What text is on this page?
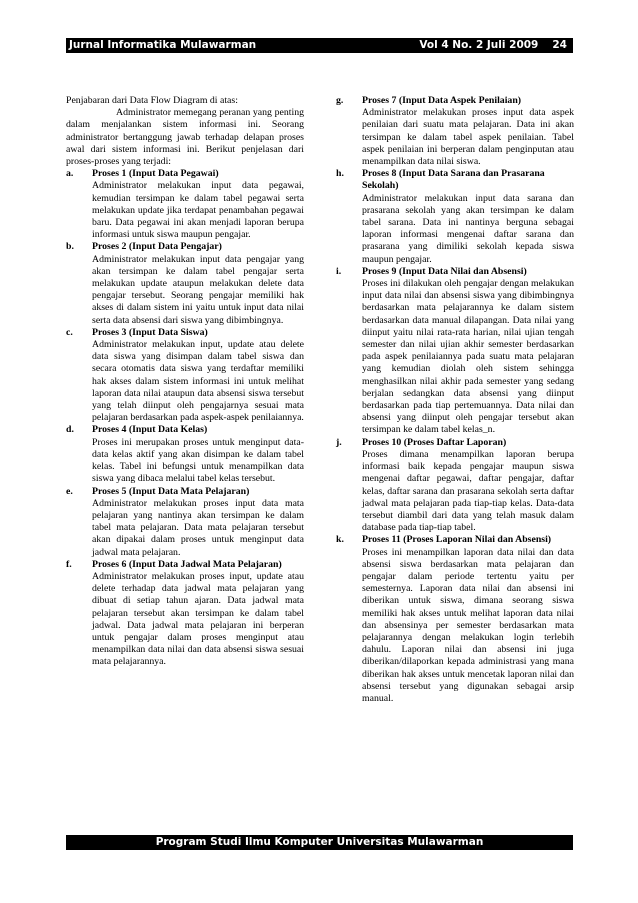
Jurnal Informatika Mulawarman	Vol 4 No. 2 Juli 2009 24

Penjabaran dari Data Flow Diagram di atas:

Administrator memegang peranan yang penting dalam menjalankan sistem informasi ini. Seorang administrator bertanggung jawab terhadap delapan proses awal dari sistem informasi ini. Berikut penjelasan dari proses-proses yang terjadi:

a.	Proses 1 (Input Data Pegawai)
Administrator melakukan input data pegawai, kemudian tersimpan ke dalam tabel pegawai serta melakukan update jika terdapat penambahan pegawai baru. Data pegawai ini akan menjadi laporan berupa informasi untuk siswa maupun pengajar.
b.	Proses 2 (Input Data Pengajar)
Administrator melakukan input data pengajar yang akan tersimpan ke dalam tabel pengajar serta melakukan update ataupun melakukan delete data pengajar tersebut. Seorang pengajar memiliki hak akses di dalam sistem ini yaitu untuk input data nilai serta data absensi dari siswa yang dibimbingnya.
c.	Proses 3 (Input Data Siswa)
Administrator melakukan input, update atau delete data siswa yang disimpan dalam tabel siswa dan secara otomatis data siswa yang terdaftar memiliki hak akses dalam sistem informasi ini untuk melihat laporan data nilai ataupun data absensi siswa tersebut yang telah diinput oleh pengajarnya sesuai mata pelajaran berdasarkan pada aspek-aspek penilaiannya.
d.	Proses 4 (Input Data Kelas)
Proses ini merupakan proses untuk menginput data-data kelas aktif yang akan disimpan ke dalam tabel kelas. Tabel ini befungsi untuk menampilkan data siswa yang dibaca melalui tabel kelas tersebut.
e.	Proses 5 (Input Data Mata Pelajaran)
Administrator melakukan proses input data mata pelajaran yang nantinya akan tersimpan ke dalam tabel mata pelajaran. Data mata pelajaran tersebut akan dipakai dalam proses untuk menginput data jadwal mata pelajaran.
f.	Proses 6 (Input Data Jadwal Mata Pelajaran)
Administrator melakukan proses input, update atau delete terhadap data jadwal mata pelajaran yang dibuat di setiap tahun ajaran. Data jadwal mata pelajaran tersebut akan tersimpan ke dalam tabel jadwal. Data jadwal mata pelajaran ini berperan untuk pengajar dalam proses menginput atau menampilkan data nilai dan data absensi siswa sesuai mata pelajarannya.
g.	Proses 7 (Input Data Aspek Penilaian)
Administrator melakukan proses input data aspek penilaian dari suatu mata pelajaran. Data ini akan tersimpan ke dalam tabel aspek penilaian. Tabel aspek penilaian ini berperan dalam penginputan atau menampilkan data nilai siswa.
h.	Proses 8 (Input Data Sarana dan Prasarana Sekolah)
Administrator melakukan input data sarana dan prasarana sekolah yang akan tersimpan ke dalam tabel sarana. Data ini nantinya berguna sebagai laporan informasi mengenai daftar sarana dan prasarana yang dimiliki sekolah kepada siswa maupun pengajar.
i.	Proses 9 (Input Data Nilai dan Absensi)
Proses ini dilakukan oleh pengajar dengan melakukan input data nilai dan absensi siswa yang dibimbingnya berdasarkan mata pelajarannya ke dalam sistem berdasarkan data manual dilapangan. Data nilai yang diinput yaitu nilai rata-rata harian, nilai ujian tengah semester dan nilai ujian akhir semester berdasarkan pada aspek penilaiannya pada suatu mata pelajaran yang kemudian diolah oleh sistem sehingga menghasilkan nilai akhir pada semester yang sedang berjalan sedangkan data absensi yang diinput berdasarkan pada tiap pertemuannya. Data nilai dan absensi yang diinput oleh pengajar tersebut akan tersimpan ke dalam tabel kelas_n.
j.	Proses 10 (Proses Daftar Laporan)
Proses dimana menampilkan laporan berupa informasi baik kepada pengajar maupun siswa mengenai daftar pegawai, daftar pengajar, daftar kelas, daftar sarana dan prasarana sekolah serta daftar jadwal mata pelajaran pada tiap-tiap kelas. Data-data tersebut diambil dari data yang telah masuk dalam database pada tiap-tiap tabel.
k.	Proses 11 (Proses Laporan Nilai dan Absensi)
Proses ini menampilkan laporan data nilai dan data absensi siswa berdasarkan mata pelajaran dan pengajar dalam periode tertentu yaitu per semesternya. Laporan data nilai dan absensi ini diberikan untuk siswa, dimana seorang siswa memiliki hak akses untuk melihat laporan data nilai dan absensinya per semester berdasarkan mata pelajarannya dengan melakukan login terlebih dahulu. Laporan nilai dan absensi ini juga diberikan/dilaporkan kepada administrasi yang mana diberikan hak akses untuk mencetak laporan nilai dan absensi tersebut yang digunakan sebagai arsip manual.
Program Studi Ilmu Komputer Universitas Mulawarman
